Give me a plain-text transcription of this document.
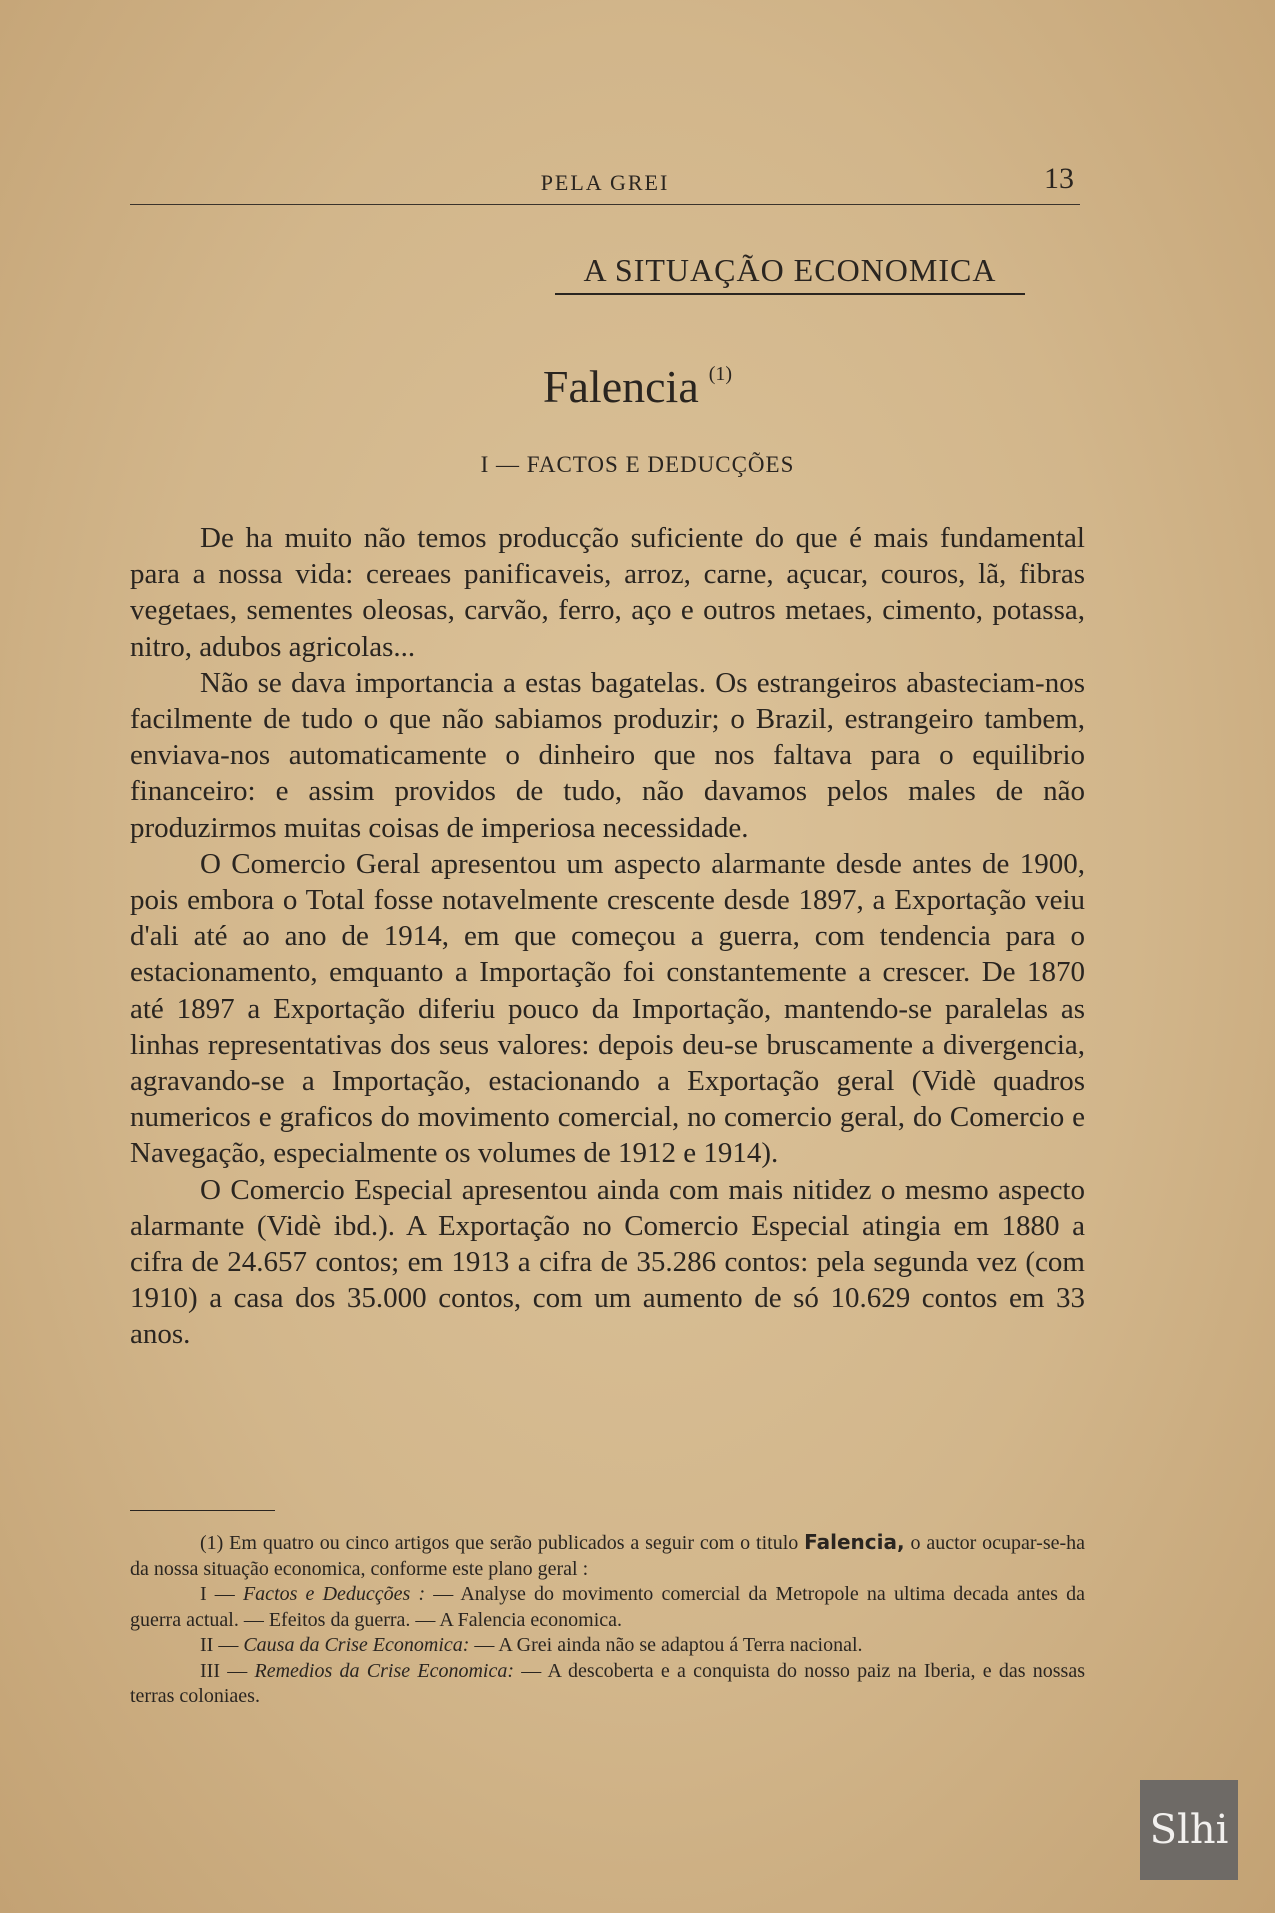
PELA GREI	13
A SITUAÇÃO ECONOMICA
Falencia $^{(1)}$
I — FACTOS E DEDUCÇÕES

De ha muito não temos producção suficiente do que é mais fundamental para a nossa vida: cereaes panificaveis, arroz, carne, açucar, couros, lã, fibras vegetaes, sementes oleosas, carvão, ferro, aço e outros metaes, cimento, potassa, nitro, adubos agricolas...

Não se dava importancia a estas bagatelas. Os estrangeiros abasteciam-nos facilmente de tudo o que não sabiamos produzir; o Brazil, estrangeiro tambem, enviava-nos automaticamente o dinheiro que nos faltava para o equilibrio financeiro: e assim providos de tudo, não davamos pelos males de não produzirmos muitas coisas de imperiosa necessidade.

O Comercio Geral apresentou um aspecto alarmante desde antes de 1900, pois embora o Total fosse notavelmente crescente desde 1897, a Exportação veiu d'ali até ao ano de 1914, em que começou a guerra, com tendencia para o estacionamento, emquanto a Importação foi constantemente a crescer. De 1870 até 1897 a Exportação diferiu pouco da Importação, mantendo-se paralelas as linhas representativas dos seus valores: depois deu-se bruscamente a divergencia, agravando-se a Importação, estacionando a Exportação geral (Vidè quadros numericos e graficos do movimento comercial, no comercio geral, do Comercio e Navegação, especialmente os volumes de 1912 e 1914).

O Comercio Especial apresentou ainda com mais nitidez o mesmo aspecto alarmante (Vidè ibd.). A Exportação no Comercio Especial atingia em 1880 a cifra de 24.657 contos; em 1913 a cifra de 35.286 contos: pela segunda vez (com 1910) a casa dos 35.000 contos, com um aumento de só 10.629 contos em 33 anos.

(1) Em quatro ou cinco artigos que serão publicados a seguir com o titulo Falencia, o auctor ocupar-se-ha da nossa situação economica, conforme este plano geral :

I — Factos e Deducções : — Analyse do movimento comercial da Metropole na ultima decada antes da guerra actual. — Efeitos da guerra. — A Falencia economica.

II — Causa da Crise Economica: — A Grei ainda não se adaptou á Terra nacional.

III — Remedios da Crise Economica: — A descoberta e a conquista do nosso paiz na Iberia, e das nossas terras coloniaes.

Slhi
